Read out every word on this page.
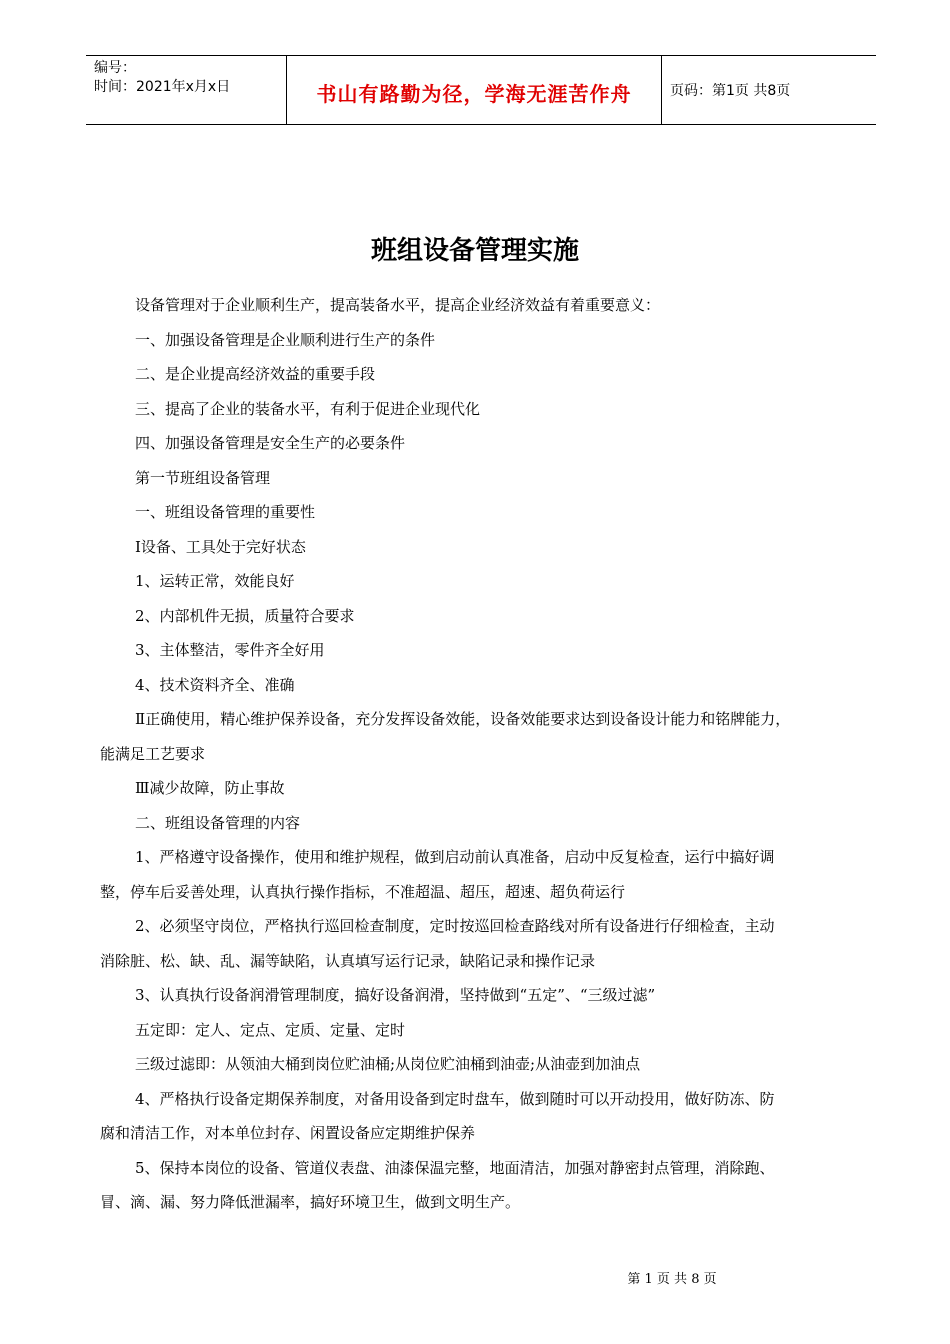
编号：
时间：2021年x月x日	书山有路勤为径，学海无涯苦作舟	页码：第1页 共8页
班组设备管理实施

设备管理对于企业顺利生产，提高装备水平，提高企业经济效益有着重要意义：

一、加强设备管理是企业顺利进行生产的条件

二、是企业提高经济效益的重要手段

三、提高了企业的装备水平，有利于促进企业现代化

四、加强设备管理是安全生产的必要条件

第一节班组设备管理

一、班组设备管理的重要性

Ⅰ设备、工具处于完好状态

1、运转正常，效能良好

2、内部机件无损，质量符合要求

3、主体整洁，零件齐全好用

4、技术资料齐全、准确

Ⅱ正确使用，精心维护保养设备，充分发挥设备效能，设备效能要求达到设备设计能力和铭牌能力，

能满足工艺要求

Ⅲ减少故障，防止事故

二、班组设备管理的内容

1、严格遵守设备操作，使用和维护规程，做到启动前认真准备，启动中反复检查，运行中搞好调

整，停车后妥善处理，认真执行操作指标，不准超温、超压，超速、超负荷运行

2、必须坚守岗位，严格执行巡回检查制度，定时按巡回检查路线对所有设备进行仔细检查，主动

消除脏、松、缺、乱、漏等缺陷，认真填写运行记录，缺陷记录和操作记录

3、认真执行设备润滑管理制度，搞好设备润滑，坚持做到“五定”、“三级过滤”

五定即：定人、定点、定质、定量、定时

三级过滤即：从领油大桶到岗位贮油桶;从岗位贮油桶到油壶;从油壶到加油点

4、严格执行设备定期保养制度，对备用设备到定时盘车，做到随时可以开动投用，做好防冻、防

腐和清洁工作，对本单位封存、闲置设备应定期维护保养

5、保持本岗位的设备、管道仪表盘、油漆保温完整，地面清洁，加强对静密封点管理，消除跑、

冒、滴、漏、努力降低泄漏率，搞好环境卫生，做到文明生产。

第 1 页 共 8 页
